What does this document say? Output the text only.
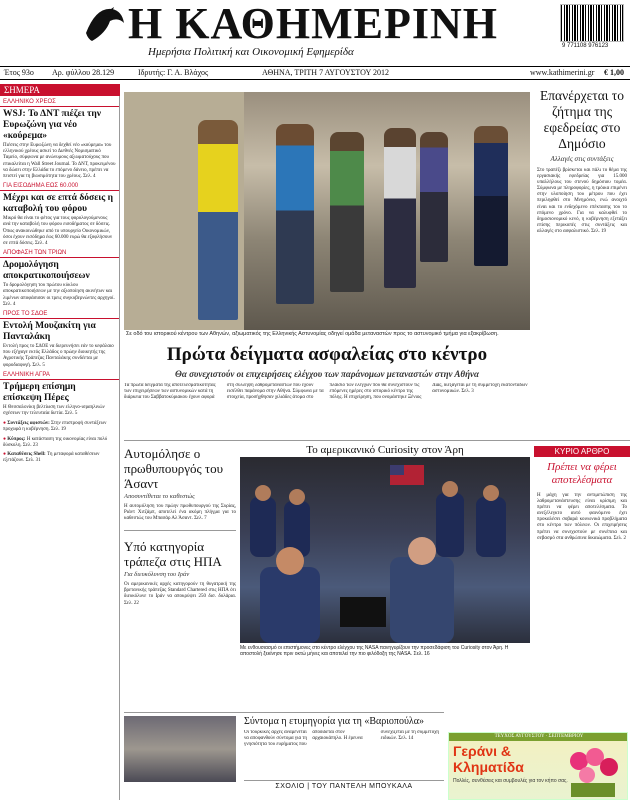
Η ΚΑΘΗΜΕΡΙΝΗ
Ημερήσια Πολιτική και Οικονομική Εφημερίδα	9 771108 976123
Έτος 93ο Αρ. φύλλου 28.129	Ιδρυτής: Γ. Α. Βλάχος	ΑΘΗΝΑ, ΤΡΙΤΗ 7 ΑΥΓΟΥΣΤΟΥ 2012	www.kathimerini.gr € 1,00
ΣΗΜΕΡΑ
ΕΛΛΗΝΙΚΟ ΧΡΕΟΣ
WSJ: Το ΔΝΤ πιέζει την Ευρωζώνη για νέο «κούρεμα»
Πιέσεις στην Ευρωζώνη να δεχθεί νέο «κούρεμα» του ελληνικού χρέους ασκεί το Διεθνές Νομισματικό Ταμείο, σύμφωνα με ανώνυμους αξιωματούχους που επικαλείται η Wall Street Journal. Το ΔΝΤ, προκειμένου να δώσει στην Ελλάδα το επόμενο δάνειο, πρέπει να πειστεί για τη βιωσιμότητα του χρέους. Σελ. 4
ΓΙΑ ΕΙΣΟΔΗΜΑ ΕΩΣ 60.000
Μέχρι και σε επτά δόσεις η καταβολή του φόρου
Μικρό θα είναι το φέτος για τους φορολογούμενους ανά την καταβολή του φόρου εισοδήματος σε δόσεις. Όπως ανακοινώθηκε από το υπουργείο Οικονομικών, όσοι έχουν εισόδημα έως 60.000 ευρώ θα εξοφλήσουν σε επτά δόσεις. Σελ. 4
ΑΠΟΦΑΣΗ ΤΩΝ ΤΡΙΩΝ
Δρομολόγηση αποκρατικοποιήσεων
Το δρομολόγηση του πρώτου κύκλου αποκρατικοποιήσεων με την αξιοποίηση ακινήτων και λιμένων αποφάσισαν οι τρεις συγκυβερνώντες αρχηγοί. Σελ. 4
ΠΡΟΣ ΤΟ ΣΔΟΕ
Εντολή Μουζακίτη για Πανταλάκη
Εντολή προς το ΣΔΟΕ να διερευνήσει εάν το κεφάλαιο που εξήγαγε εκτός Ελλάδος ο πρώην διοικητής της Αγροτικής Τράπεζας Πανταλάκης συνδέεται με φοροδιαφυγή. Σελ. 5
ΕΛΛΗΝΙΚΗ ΑΓΡΑ
Τρήμερη επίσημη επίσκεψη Πέρες
Η Θεσσαλονίκη βελτίωση των ελληνο-ισραηλινών σχέσεων την τελευταία διετία. Σελ. 5
● Συντάξεις αφιστών: Στην επιστροφή συντάξεων προχωρά η κυβέρνηση. Σελ. 19
● Κύπρος: Η κατάσταση της οικονομίας είναι πολύ δύσκολη. Σελ. 23
● Καταθέσεις Shell: Τη μεταφορά καταθέσεων εξετάζουν. Σελ. 31
Σε οδό του ιστορικού κέντρου των Αθηνών, αξιωματικός της Ελληνικής Αστυνομίας οδηγεί ομάδα μεταναστών προς το αστυνομικό τμήμα για εξακρίβωση.
Πρώτα δείγματα ασφαλείας στο κέντρο
Θα συνεχιστούν οι επιχειρήσεις ελέγχου των παράνομων μεταναστών στην Αθήνα
Τα πρώτα δείγματα της αποτελεσματικότητας των επιχειρήσεων των αστυνομικών κατά τη διάρκεια του Σαββατοκύριακου έχουν αφορά στη σύλληψη λαθρομεταναστών που έχουν εισέλθει παράνομα στην Αθήνα. Σύμφωνα με τα στοιχεία, προσήχθησαν χιλιάδες άτομα στο πλαίσιο των ελέγχων που θα συνεχιστούν τις επόμενες ημέρες στο ιστορικό κέντρο της πόλης. Η επιχείρηση, που ονομάστηκε Ξένιος Δίας, διεξάγεται με τη συμμετοχή εκατοντάδων αστυνομικών. Σελ. 3
Επανέρχεται το ζήτημα της εφεδρείας στο Δημόσιο
Αλλαγές στις συντάξεις
Στο τραπέζι βρίσκεται και πάλι το θέμα της εργασιακής εφεδρείας για 15.000 υπαλλήλους του στενού δημόσιου τομέα. Σύμφωνα με πληροφορίες, η τρόικα επιμένει στην υλοποίηση του μέτρου που έχει περιληφθεί στο Μνημόνιο, ενώ ανοιχτό είναι και το ενδεχόμενο επέκτασης του το επόμενο χρόνο. Για να καλυφθεί το δημοσιονομικό κενό, η κυβέρνηση εξετάζει επίσης περικοπές στις συντάξεις και αλλαγές στο ασφαλιστικό. Σελ. 19
Αυτομόλησε ο πρωθυπουργός του Άσαντ
Αποσυντίθεται το καθεστώς
Η αυτομόληση του πρώην πρωθυπουργού της Συρίας, Ριάντ Χιτζάμπ, αποτελεί ένα ακόμη πλήγμα για το καθεστώς του Μπασάρ Αλ Άσαντ. Σελ. 7
Υπό κατηγορία τράπεζα στις ΗΠΑ
Για διευκόλυνση του Ιράν
Οι αμερικανικές αρχές κατηγορούν τη θυγατρική της βρετανικής τράπεζας Standard Chartered στις ΗΠΑ ότι διευκόλυνε το Ιράν να αποκρύψει 250 δισ. δολάρια. Σελ. 22
Το αμερικανικό Curiosity στον Άρη
Με ενθουσιασμό οι επιστήμονες στο κέντρο ελέγχου της NASA πανηγυρίζουν την προσεδάφιση του Curiosity στον Άρη. Η αποστολή ξεκίνησε πριν οκτώ μήνες και αποτελεί την πιο φιλόδοξη της NASA. Σελ. 16
ΚΥΡΙΟ ΑΡΘΡΟ
Πρέπει να φέρει αποτελέσματα
Η μάχη για την αντιμετώπιση της λαθρομετανάστευσης είναι κρίσιμη και πρέπει να φέρει αποτελέσματα. Το ανεξέλεγκτο αυτό φαινόμενο έχει προκαλέσει σοβαρά κοινωνικά προβλήματα στο κέντρο των πόλεων. Οι επιχειρήσεις πρέπει να συνεχιστούν με συνέπεια και σεβασμό στα ανθρώπινα δικαιώματα. Σελ. 2
Σύντομα η ετυμηγορία για τη «Βαριοπούλα»
Οι τουρκικές αρχές αναμένεται να αποφανθούν σύντομα για τη γνησιότητα του ευρήματος που αποδίδεται στον αρχαιοκάπηλο. Η έρευνα συνεχίζεται με τη συμμετοχή ειδικών. Σελ. 14
ΣΧΟΛΙΟ | ΤΟΥ ΠΑΝΤΕΛΗ ΜΠΟΥΚΑΛΑ
ΤΕΥΧΟΣ ΑΥΓΟΥΣΤΟΥ · ΣΕΠΤΕΜΒΡΙΟΥ
Γεράνι & Κληματίδα
Πολλές, συνθέσεις και συμβουλές για τον κήπο σας.
